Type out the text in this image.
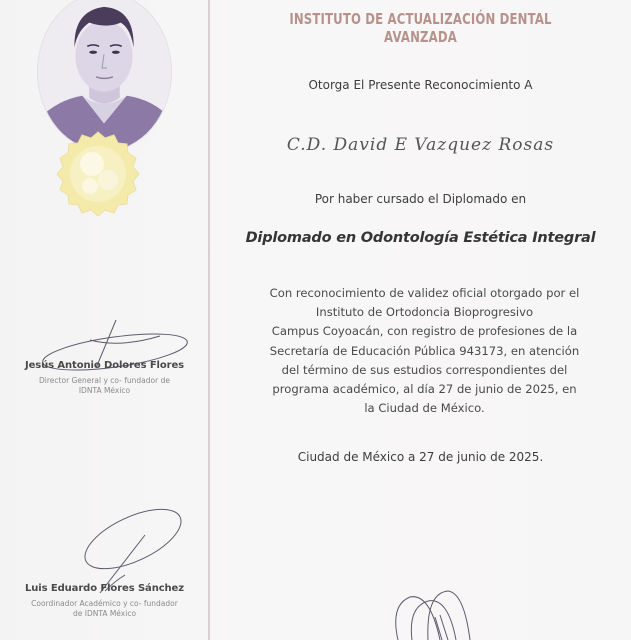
Jesús Antonio Dolores Flores
Director General y co- fundador de
IDNTA México
Luis Eduardo Flores Sánchez
Coordinador Académico y co- fundador
de IDNTA México
INSTITUTO DE ACTUALIZACIÓN DENTAL AVANZADA
Otorga El Presente Reconocimiento A
C.D. David E Vazquez Rosas
Por haber cursado el Diplomado en
Diplomado en Odontología Estética Integral
Con reconocimiento de validez oficial otorgado por el
Instituto de Ortodoncia Bioprogresivo
Campus Coyoacán, con registro de profesiones de la
Secretaría de Educación Pública 943173, en atención
del término de sus estudios correspondientes del
programa académico, al día 27 de junio de 2025, en
la Ciudad de México.
Ciudad de México a 27 de junio de 2025.
